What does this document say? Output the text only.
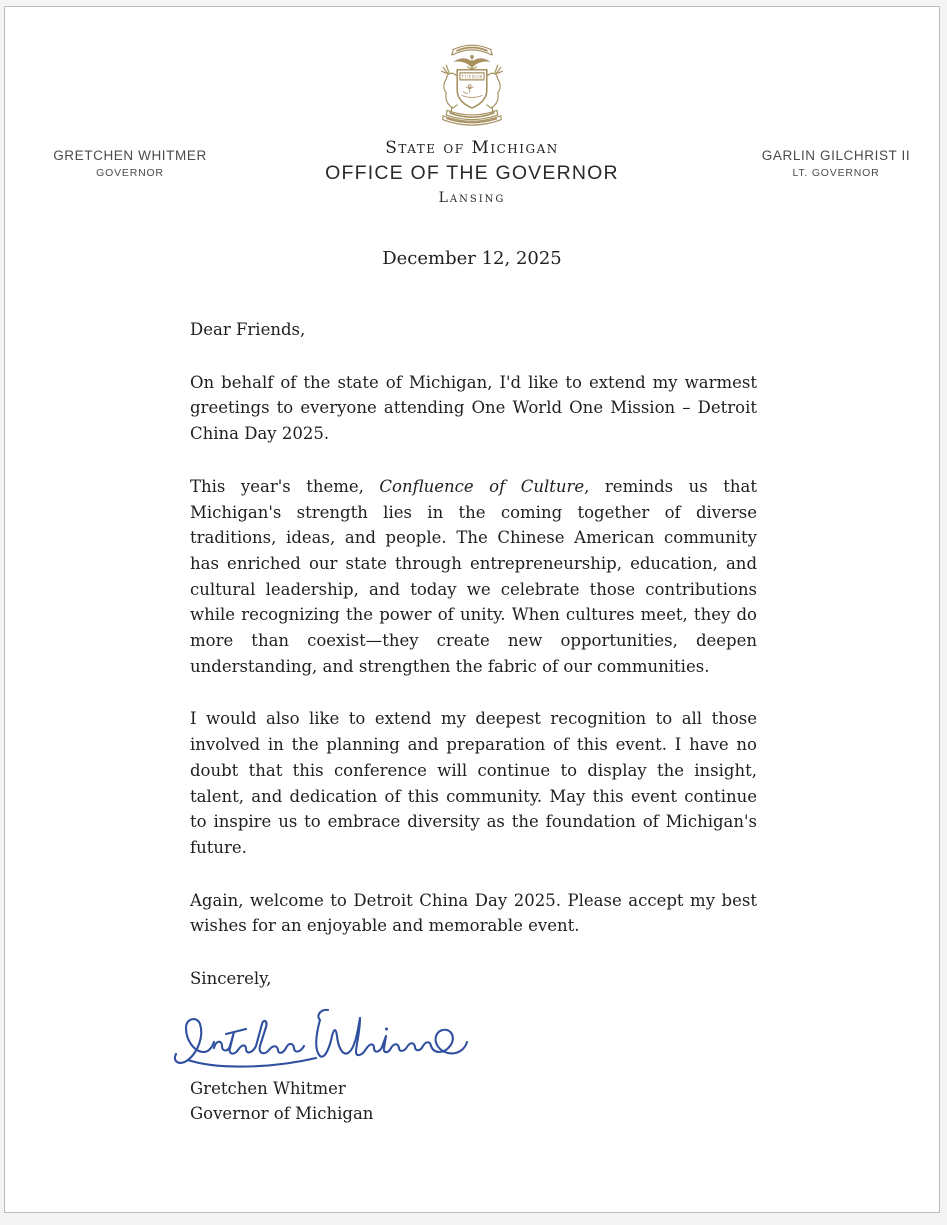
TUEBOR
State of Michigan
OFFICE OF THE GOVERNOR
Lansing
GRETCHEN WHITMER
GOVERNOR
GARLIN GILCHRIST II
LT. GOVERNOR
December 12, 2025

Dear Friends,

On behalf of the state of Michigan, I'd like to extend my warmest greetings to everyone attending One World One Mission – Detroit China Day 2025.

This year's theme, Confluence of Culture, reminds us that Michigan's strength lies in the coming together of diverse traditions, ideas, and people. The Chinese American community has enriched our state through entrepreneurship, education, and cultural leadership, and today we celebrate those contributions while recognizing the power of unity. When cultures meet, they do more than coexist—they create new opportunities, deepen understanding, and strengthen the fabric of our communities.

I would also like to extend my deepest recognition to all those involved in the planning and preparation of this event. I have no doubt that this conference will continue to display the insight, talent, and dedication of this community. May this event continue to inspire us to embrace diversity as the foundation of Michigan's future.

Again, welcome to Detroit China Day 2025. Please accept my best wishes for an enjoyable and memorable event.

Sincerely,

Gretchen Whitmer

Governor of Michigan
